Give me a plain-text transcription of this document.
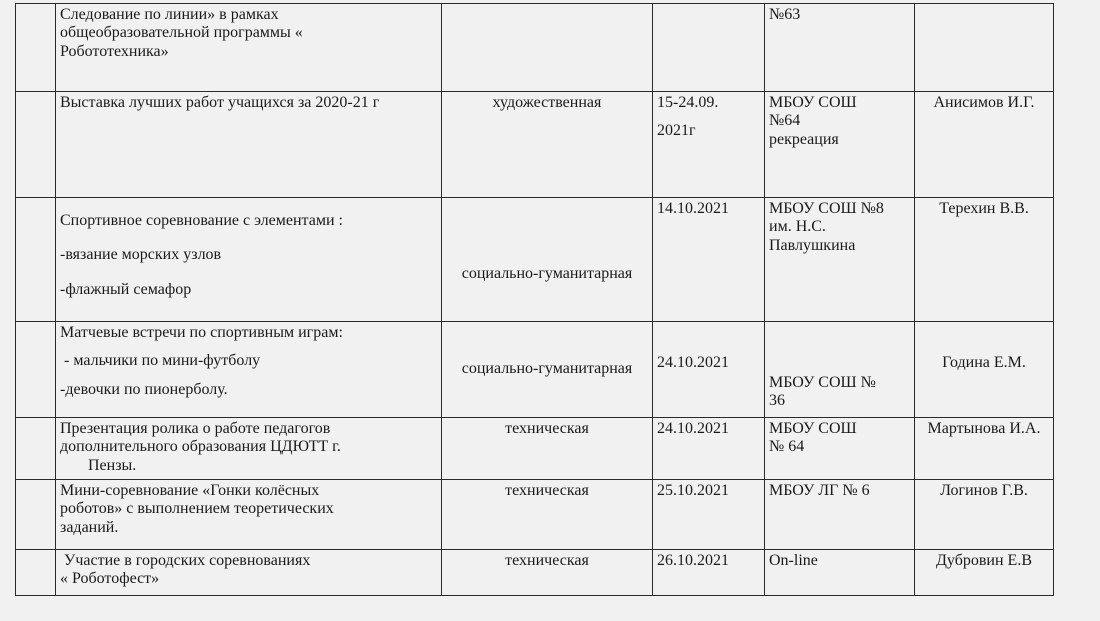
	Следование по линии» в рамках
общеобразовательной программы «
Робототехника»			№63	

	Выставка лучших работ учащихся за 2020-21 г	художественная	15-24.09.
2021г	МБОУ СОШ
№64
рекреация	Анисимов И.Г.

	Спортивное соревнование с элементами :
-вязание морских узлов
-флажный семафор	социально-гуманитарная	14.10.2021	МБОУ СОШ №8
им. Н.С.
Павлушкина	Терехин В.В.

	Матчевые встречи по спортивным играм:
- мальчики по мини-футболу
-девочки по пионерболу.	социально-гуманитарная	24.10.2021	МБОУ СОШ №
36	Година Е.М.

	Презентация ролика о работе педагогов
дополнительного образования ЦДЮТТ г.
Пензы.	техническая	24.10.2021	МБОУ СОШ
№ 64	Мартынова И.А.

	Мини-соревнование «Гонки колёсных
роботов» с выполнением теоретических
заданий.	техническая	25.10.2021	МБОУ ЛГ № 6	Логинов Г.В.

	Участие в городских соревнованиях
« Роботофест»	техническая	26.10.2021	On-line	Дубровин Е.В
